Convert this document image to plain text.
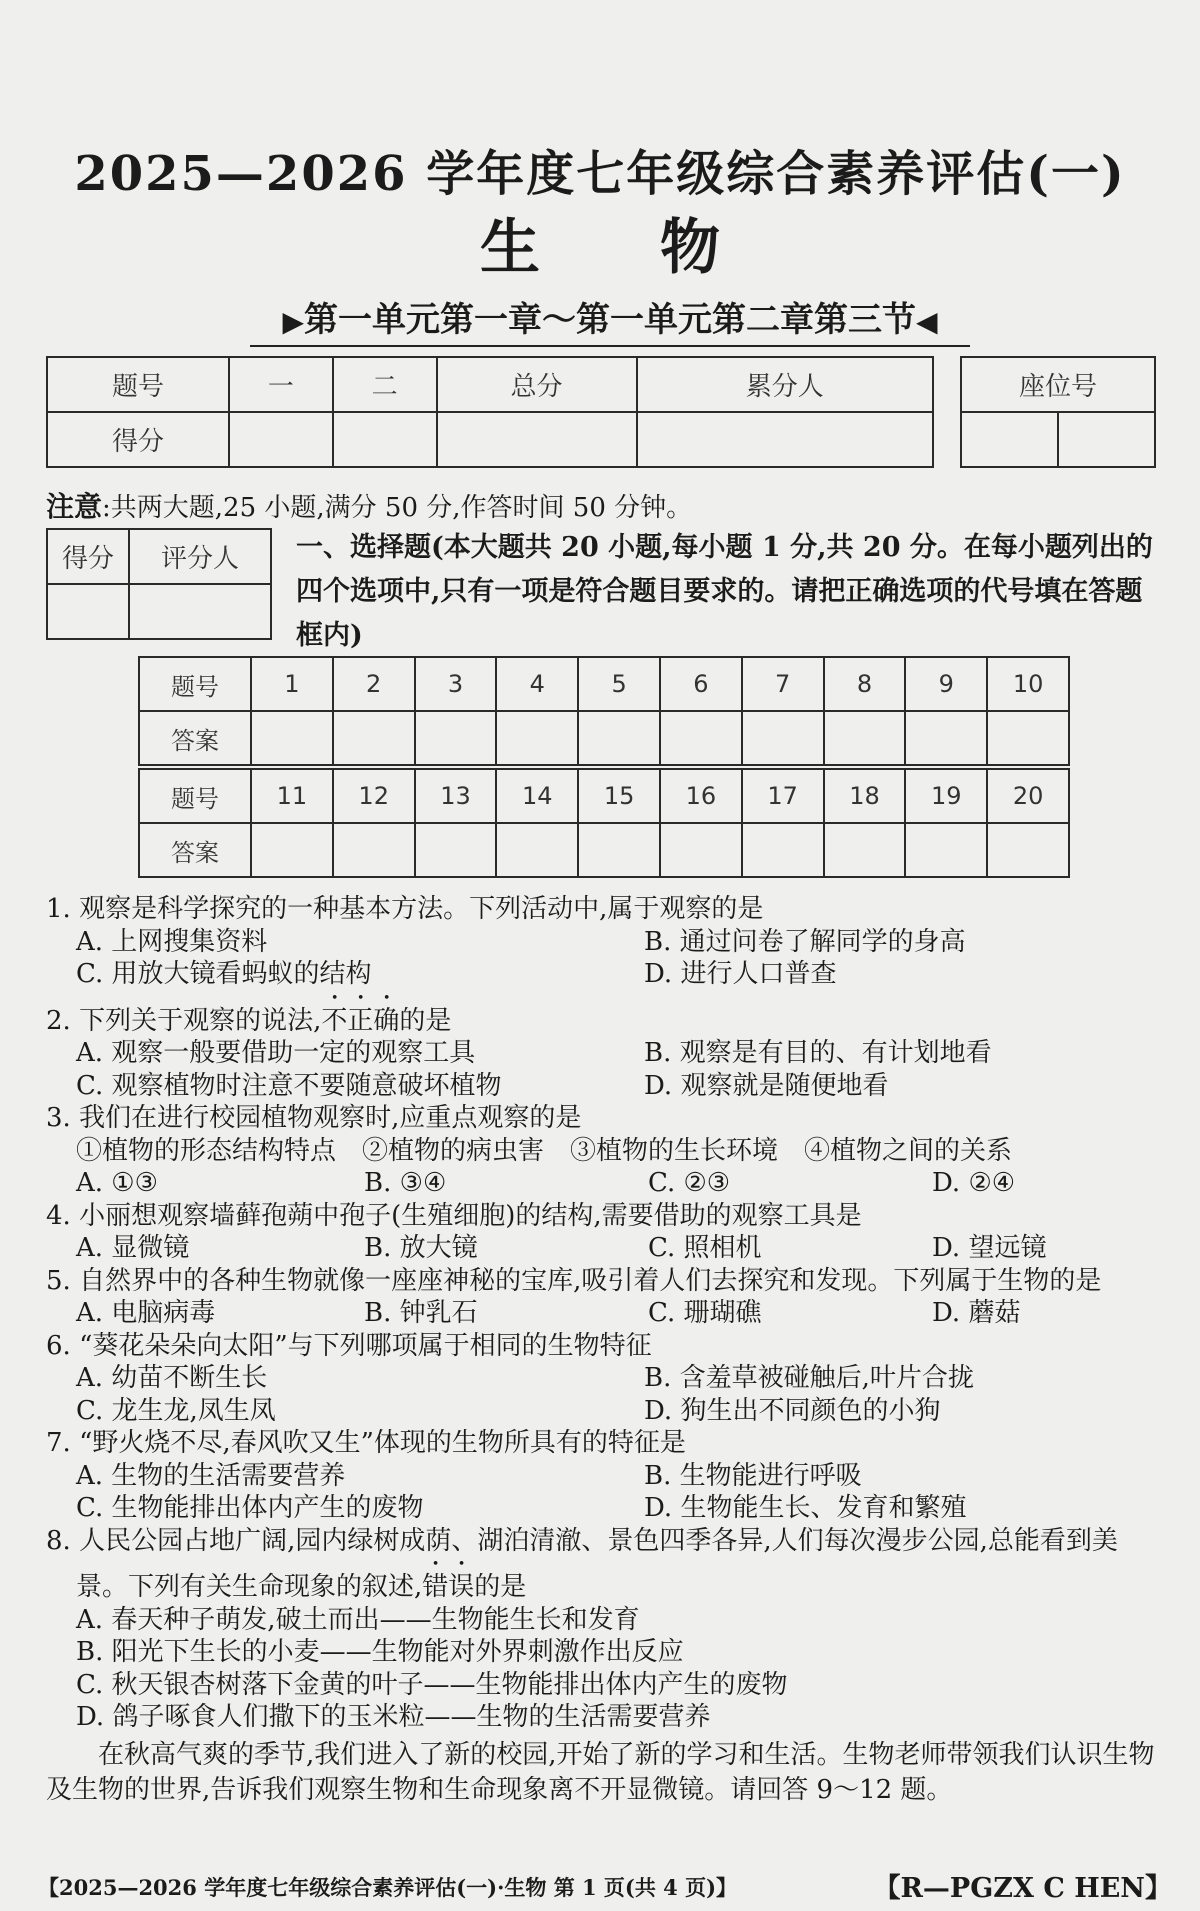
2025—2026 学年度七年级综合素养评估(一)
生物
▶第一单元第一章～第一单元第二章第三节◀
题号	一	二	总分	累分人
得分				
座位号

注意:共两大题,25 小题,满分 50 分,作答时间 50 分钟。
得分	评分人
	一、选择题(本大题共 20 小题,每小题 1 分,共 20 分。在每小题列出的四个选项中,只有一项是符合题目要求的。请把正确选项的代号填在答题框内)
题号	1	2	3	4	5	6	7	8	9	10
答案										
题号	11	12	13	14	15	16	17	18	19	20
答案										

1. 观察是科学探究的一种基本方法。下列活动中,属于观察的是

A. 上网搜集资料	B. 通过问卷了解同学的身高
C. 用放大镜看蚂蚁的结构	D. 进行人口普查

2. 下列关于观察的说法,不正确的是

A. 观察一般要借助一定的观察工具	B. 观察是有目的、有计划地看
C. 观察植物时注意不要随意破坏植物	D. 观察就是随便地看

3. 我们在进行校园植物观察时,应重点观察的是

①植物的形态结构特点 ②植物的病虫害 ③植物的生长环境 ④植物之间的关系
A. ①③	B. ③④	C. ②③	D. ②④

4. 小丽想观察墙藓孢蒴中孢子(生殖细胞)的结构,需要借助的观察工具是

A. 显微镜	B. 放大镜	C. 照相机	D. 望远镜

5. 自然界中的各种生物就像一座座神秘的宝库,吸引着人们去探究和发现。下列属于生物的是

A. 电脑病毒	B. 钟乳石	C. 珊瑚礁	D. 蘑菇

6. “葵花朵朵向太阳”与下列哪项属于相同的生物特征

A. 幼苗不断生长	B. 含羞草被碰触后,叶片合拢
C. 龙生龙,凤生凤	D. 狗生出不同颜色的小狗

7. “野火烧不尽,春风吹又生”体现的生物所具有的特征是

A. 生物的生活需要营养	B. 生物能进行呼吸
C. 生物能排出体内产生的废物	D. 生物能生长、发育和繁殖

8. 人民公园占地广阔,园内绿树成荫、湖泊清澈、景色四季各异,人们每次漫步公园,总能看到美

景。下列有关生命现象的叙述,错误的是

A. 春天种子萌发,破土而出——生物能生长和发育
B. 阳光下生长的小麦——生物能对外界刺激作出反应
C. 秋天银杏树落下金黄的叶子——生物能排出体内产生的废物
D. 鸽子啄食人们撒下的玉米粒——生物的生活需要营养

在秋高气爽的季节,我们进入了新的校园,开始了新的学习和生活。生物老师带领我们认识生物及生物的世界,告诉我们观察生物和生命现象离不开显微镜。请回答 9～12 题。

【2025—2026 学年度七年级综合素养评估(一)·生物 第 1 页(共 4 页)】	【R—PGZX C HEN】
